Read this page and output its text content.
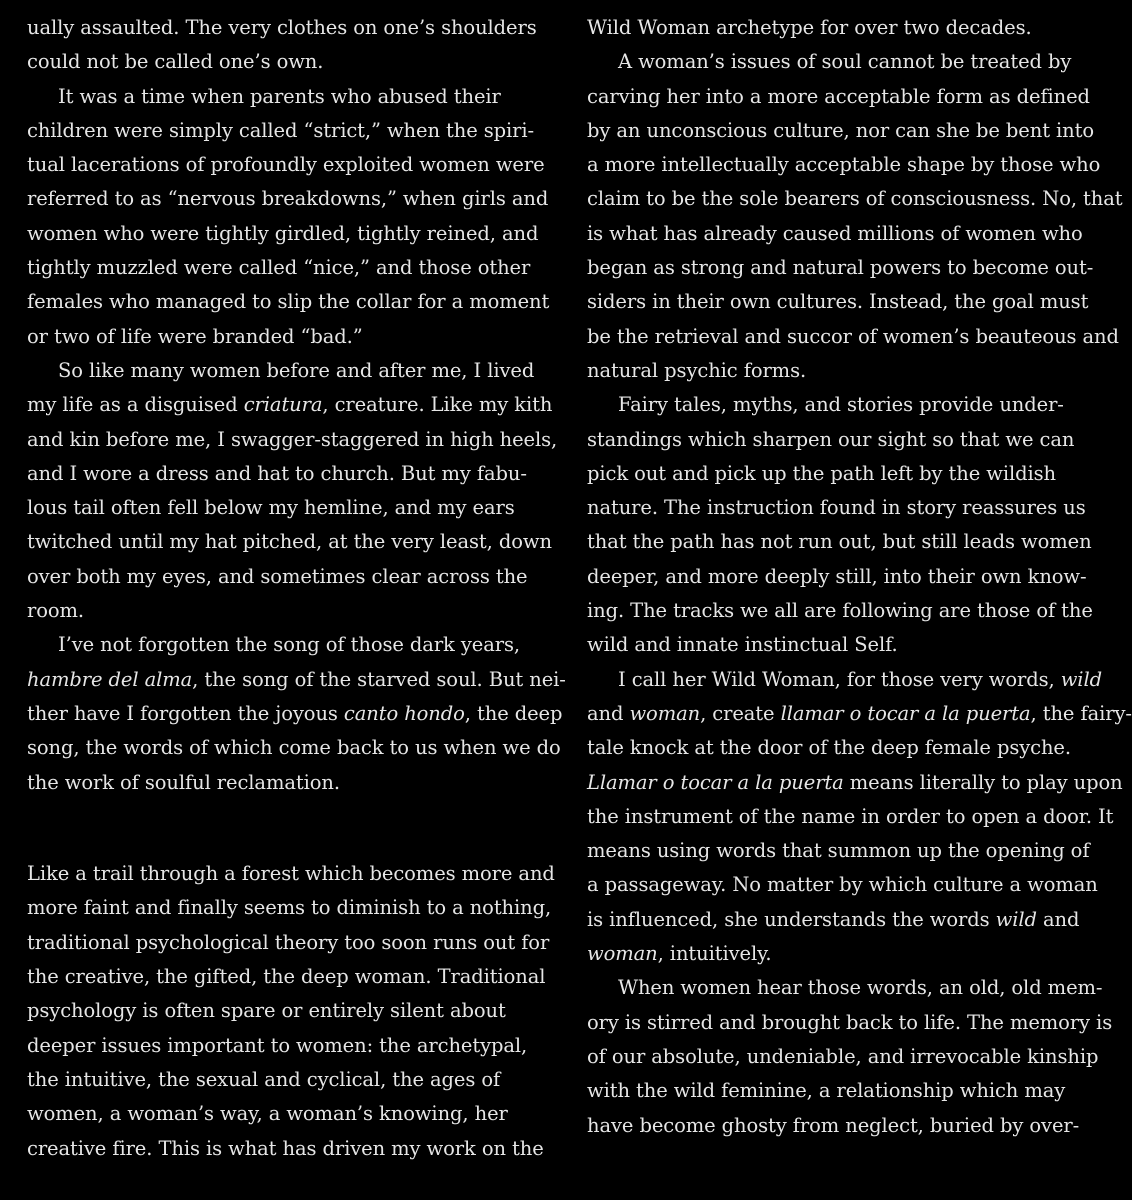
ually assaulted. The very clothes on one’s shoulders
could not be called one’s own.
It was a time when parents who abused their
children were simply called “strict,” when the spiri-
tual lacerations of profoundly exploited women were
referred to as “nervous breakdowns,” when girls and
women who were tightly girdled, tightly reined, and
tightly muzzled were called “nice,” and those other
females who managed to slip the collar for a moment
or two of life were branded “bad.”
So like many women before and after me, I lived
my life as a disguised criatura, creature. Like my kith
and kin before me, I swagger-staggered in high heels,
and I wore a dress and hat to church. But my fabu-
lous tail often fell below my hemline, and my ears
twitched until my hat pitched, at the very least, down
over both my eyes, and sometimes clear across the
room.
I’ve not forgotten the song of those dark years,
hambre del alma, the song of the starved soul. But nei-
ther have I forgotten the joyous canto hondo, the deep
song, the words of which come back to us when we do
the work of soulful reclamation.
Like a trail through a forest which becomes more and
more faint and finally seems to diminish to a nothing,
traditional psychological theory too soon runs out for
the creative, the gifted, the deep woman. Traditional
psychology is often spare or entirely silent about
deeper issues important to women: the archetypal,
the intuitive, the sexual and cyclical, the ages of
women, a woman’s way, a woman’s knowing, her
creative fire. This is what has driven my work on the
Wild Woman archetype for over two decades.
A woman’s issues of soul cannot be treated by
carving her into a more acceptable form as defined
by an unconscious culture, nor can she be bent into
a more intellectually acceptable shape by those who
claim to be the sole bearers of consciousness. No, that
is what has already caused millions of women who
began as strong and natural powers to become out-
siders in their own cultures. Instead, the goal must
be the retrieval and succor of women’s beauteous and
natural psychic forms.
Fairy tales, myths, and stories provide under-
standings which sharpen our sight so that we can
pick out and pick up the path left by the wildish
nature. The instruction found in story reassures us
that the path has not run out, but still leads women
deeper, and more deeply still, into their own know-
ing. The tracks we all are following are those of the
wild and innate instinctual Self.
I call her Wild Woman, for those very words, wild
and woman, create llamar o tocar a la puerta, the fairy-
tale knock at the door of the deep female psyche.
Llamar o tocar a la puerta means literally to play upon
the instrument of the name in order to open a door. It
means using words that summon up the opening of
a passageway. No matter by which culture a woman
is influenced, she understands the words wild and
woman, intuitively.
When women hear those words, an old, old mem-
ory is stirred and brought back to life. The memory is
of our absolute, undeniable, and irrevocable kinship
with the wild feminine, a relationship which may
have become ghosty from neglect, buried by over-
